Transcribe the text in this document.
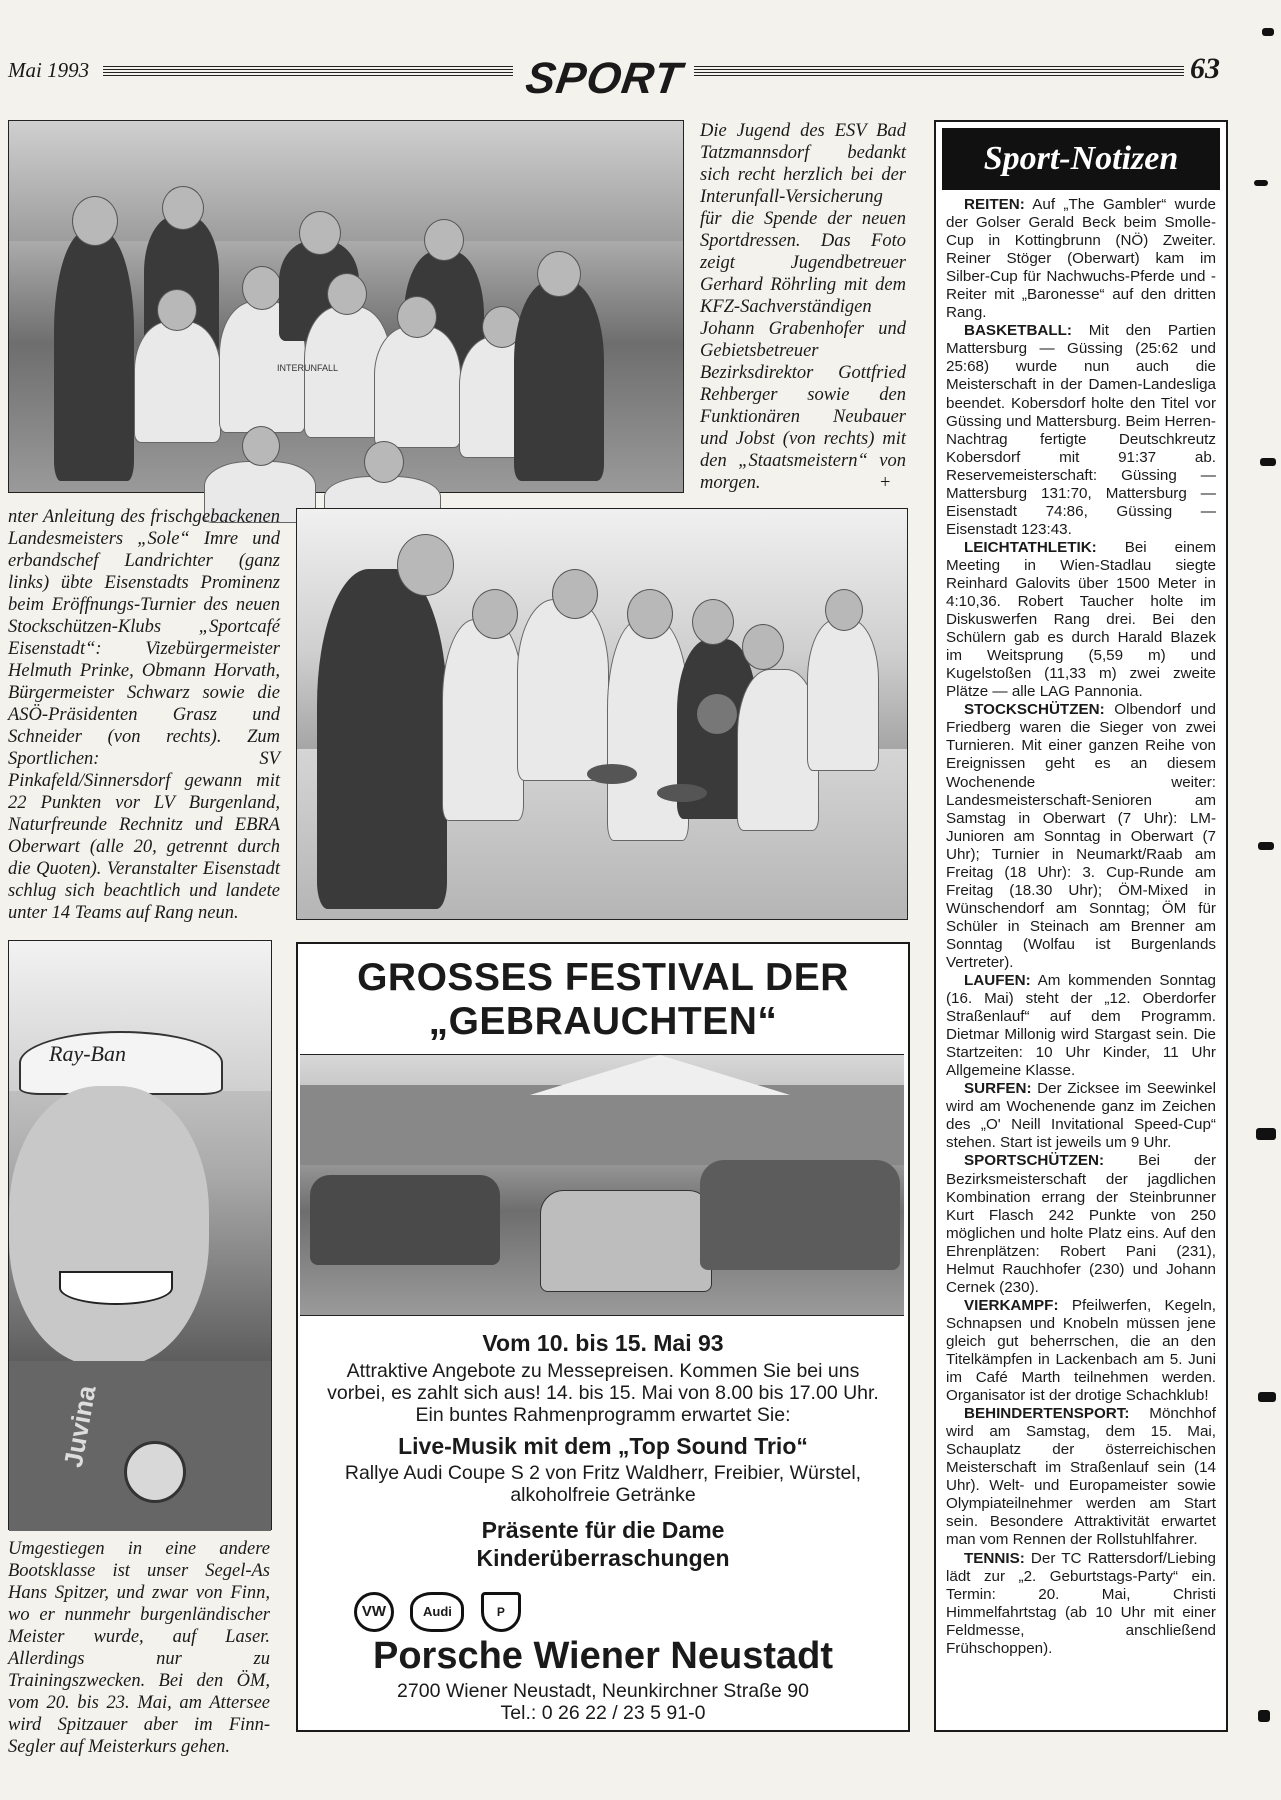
Mai 1993	SPORT	63
INTERUNFALL
Die Jugend des ESV Bad Tatzmannsdorf bedankt sich recht herzlich bei der Interunfall-Versicherung für die Spende der neuen Sportdressen. Das Foto zeigt Jugendbetreuer Gerhard Röhrling mit dem KFZ-Sachverständigen Johann Grabenhofer und Gebietsbetreuer Bezirksdirektor Gottfried Rehberger sowie den Funktionären Neubauer und Jobst (von rechts) mit den „Staatsmeistern“ von morgen.	+
nter Anleitung des frischgebackenen Landesmeisters „Sole“ Imre und erbandschef Landrichter (ganz links) übte Eisenstadts Prominenz beim Eröffnungs-Turnier des neuen Stockschützen-Klubs „Sportcafé Eisenstadt“: Vizebürgermeister Helmuth Prinke, Obmann Horvath, Bürgermeister Schwarz sowie die ASÖ-Präsidenten Grasz und Schneider (von rechts). Zum Sportlichen: SV Pinkafeld/Sinnersdorf gewann mit 22 Punkten vor LV Burgenland, Naturfreunde Rechnitz und EBRA Oberwart (alle 20, getrennt durch die Quoten). Veranstalter Eisenstadt schlug sich beachtlich und landete unter 14 Teams auf Rang neun.
Ray-Ban
Juvina
Umgestiegen in eine andere Bootsklasse ist unser Segel-As Hans Spitzer, und zwar von Finn, wo er nunmehr burgenländischer Meister wurde, auf Laser. Allerdings nur zu Trainingszwecken. Bei den ÖM, vom 20. bis 23. Mai, am Attersee wird Spitzauer aber im Finn-Segler auf Meisterkurs gehen.
GROSSES FESTIVAL DER
„GEBRAUCHTEN“
Vom 10. bis 15. Mai 93
Attraktive Angebote zu Messepreisen. Kommen Sie bei uns
vorbei, es zahlt sich aus! 14. bis 15. Mai von 8.00 bis 17.00 Uhr.
Ein buntes Rahmenprogramm erwartet Sie:
Live-Musik mit dem „Top Sound Trio“
Rallye Audi Coupe S 2 von Fritz Waldherr, Freibier, Würstel,
alkoholfreie Getränke
Präsente für die Dame
Kinderüberraschungen
VW	Audi	P
Porsche Wiener Neustadt
2700 Wiener Neustadt, Neunkirchner Straße 90
Tel.: 0 26 22 / 23 5 91-0
Sport-Notizen

REITEN: Auf „The Gambler“ wurde der Golser Gerald Beck beim Smolle-Cup in Kottingbrunn (NÖ) Zweiter. Reiner Stöger (Oberwart) kam im Silber-Cup für Nachwuchs-Pferde und -Reiter mit „Baronesse“ auf den dritten Rang.

BASKETBALL: Mit den Partien Mattersburg — Güssing (25:62 und 25:68) wurde nun auch die Meisterschaft in der Damen-Landesliga beendet. Kobersdorf holte den Titel vor Güssing und Mattersburg. Beim Herren-Nachtrag fertigte Deutschkreutz Kobersdorf mit 91:37 ab. Reservemeisterschaft: Güssing — Mattersburg 131:70, Mattersburg — Eisenstadt 74:86, Güssing — Eisenstadt 123:43.

LEICHTATHLETIK: Bei einem Meeting in Wien-Stadlau siegte Reinhard Galovits über 1500 Meter in 4:10,36. Robert Taucher holte im Diskuswerfen Rang drei. Bei den Schülern gab es durch Harald Blazek im Weitsprung (5,59 m) und Kugelstoßen (11,33 m) zwei zweite Plätze — alle LAG Pannonia.

STOCKSCHÜTZEN: Olbendorf und Friedberg waren die Sieger von zwei Turnieren. Mit einer ganzen Reihe von Ereignissen geht es an diesem Wochenende weiter: Landesmeisterschaft-Senioren am Samstag in Oberwart (7 Uhr): LM-Junioren am Sonntag in Oberwart (7 Uhr); Turnier in Neumarkt/Raab am Freitag (18 Uhr): 3. Cup-Runde am Freitag (18.30 Uhr); ÖM-Mixed in Wünschendorf am Sonntag; ÖM für Schüler in Steinach am Brenner am Sonntag (Wolfau ist Burgenlands Vertreter).

LAUFEN: Am kommenden Sonntag (16. Mai) steht der „12. Oberdorfer Straßenlauf“ auf dem Programm. Dietmar Millonig wird Stargast sein. Die Startzeiten: 10 Uhr Kinder, 11 Uhr Allgemeine Klasse.

SURFEN: Der Zicksee im Seewinkel wird am Wochenende ganz im Zeichen des „O' Neill Invitational Speed-Cup“ stehen. Start ist jeweils um 9 Uhr.

SPORTSCHÜTZEN: Bei der Bezirksmeisterschaft der jagdlichen Kombination errang der Steinbrunner Kurt Flasch 242 Punkte von 250 möglichen und holte Platz eins. Auf den Ehrenplätzen: Robert Pani (231), Helmut Rauchhofer (230) und Johann Cernek (230).

VIERKAMPF: Pfeilwerfen, Kegeln, Schnapsen und Knobeln müssen jene gleich gut beherrschen, die an den Titelkämpfen in Lackenbach am 5. Juni im Café Marth teilnehmen werden. Organisator ist der drotige Schachklub!

BEHINDERTENSPORT: Mönchhof wird am Samstag, dem 15. Mai, Schauplatz der österreichischen Meisterschaft im Straßenlauf sein (14 Uhr). Welt- und Europameister sowie Olympiateilnehmer werden am Start sein. Besondere Attraktivität erwartet man vom Rennen der Rollstuhlfahrer.

TENNIS: Der TC Rattersdorf/Liebing lädt zur „2. Geburtstags-Party“ ein. Termin: 20. Mai, Christi Himmelfahrtstag (ab 10 Uhr mit einer Feldmesse, anschließend Frühschoppen).
